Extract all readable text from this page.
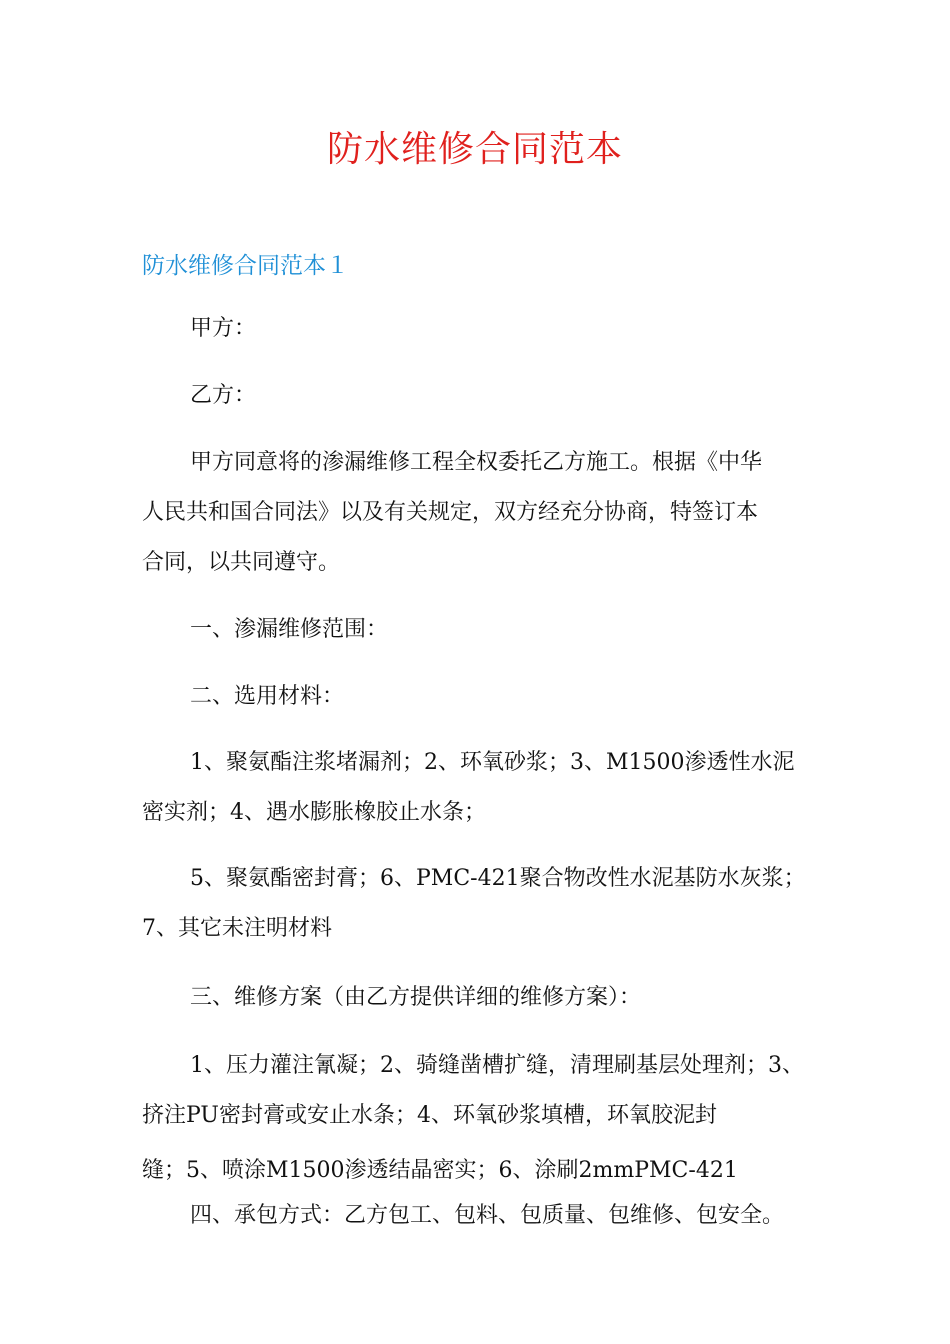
防水维修合同范本
防水维修合同范本１

甲方：

乙方：

甲方同意将的渗漏维修工程全权委托乙方施工。根据《中华

人民共和国合同法》以及有关规定，双方经充分协商，特签订本

合同，以共同遵守。

一、渗漏维修范围：

二、选用材料：

1、聚氨酯注浆堵漏剂；2、环氧砂浆；3、M1500渗透性水泥

密实剂；4、遇水膨胀橡胶止水条；

5、聚氨酯密封膏；6、PMC-421聚合物改性水泥基防水灰浆；

7、其它未注明材料

三、维修方案（由乙方提供详细的维修方案）：

1、压力灌注氰凝；2、骑缝凿槽扩缝，清理刷基层处理剂；3、

挤注PU密封膏或安止水条；4、环氧砂浆填槽，环氧胶泥封

缝；5、喷涂M1500渗透结晶密实；6、涂刷2mmPMC-421

四、承包方式：乙方包工、包料、包质量、包维修、包安全。
